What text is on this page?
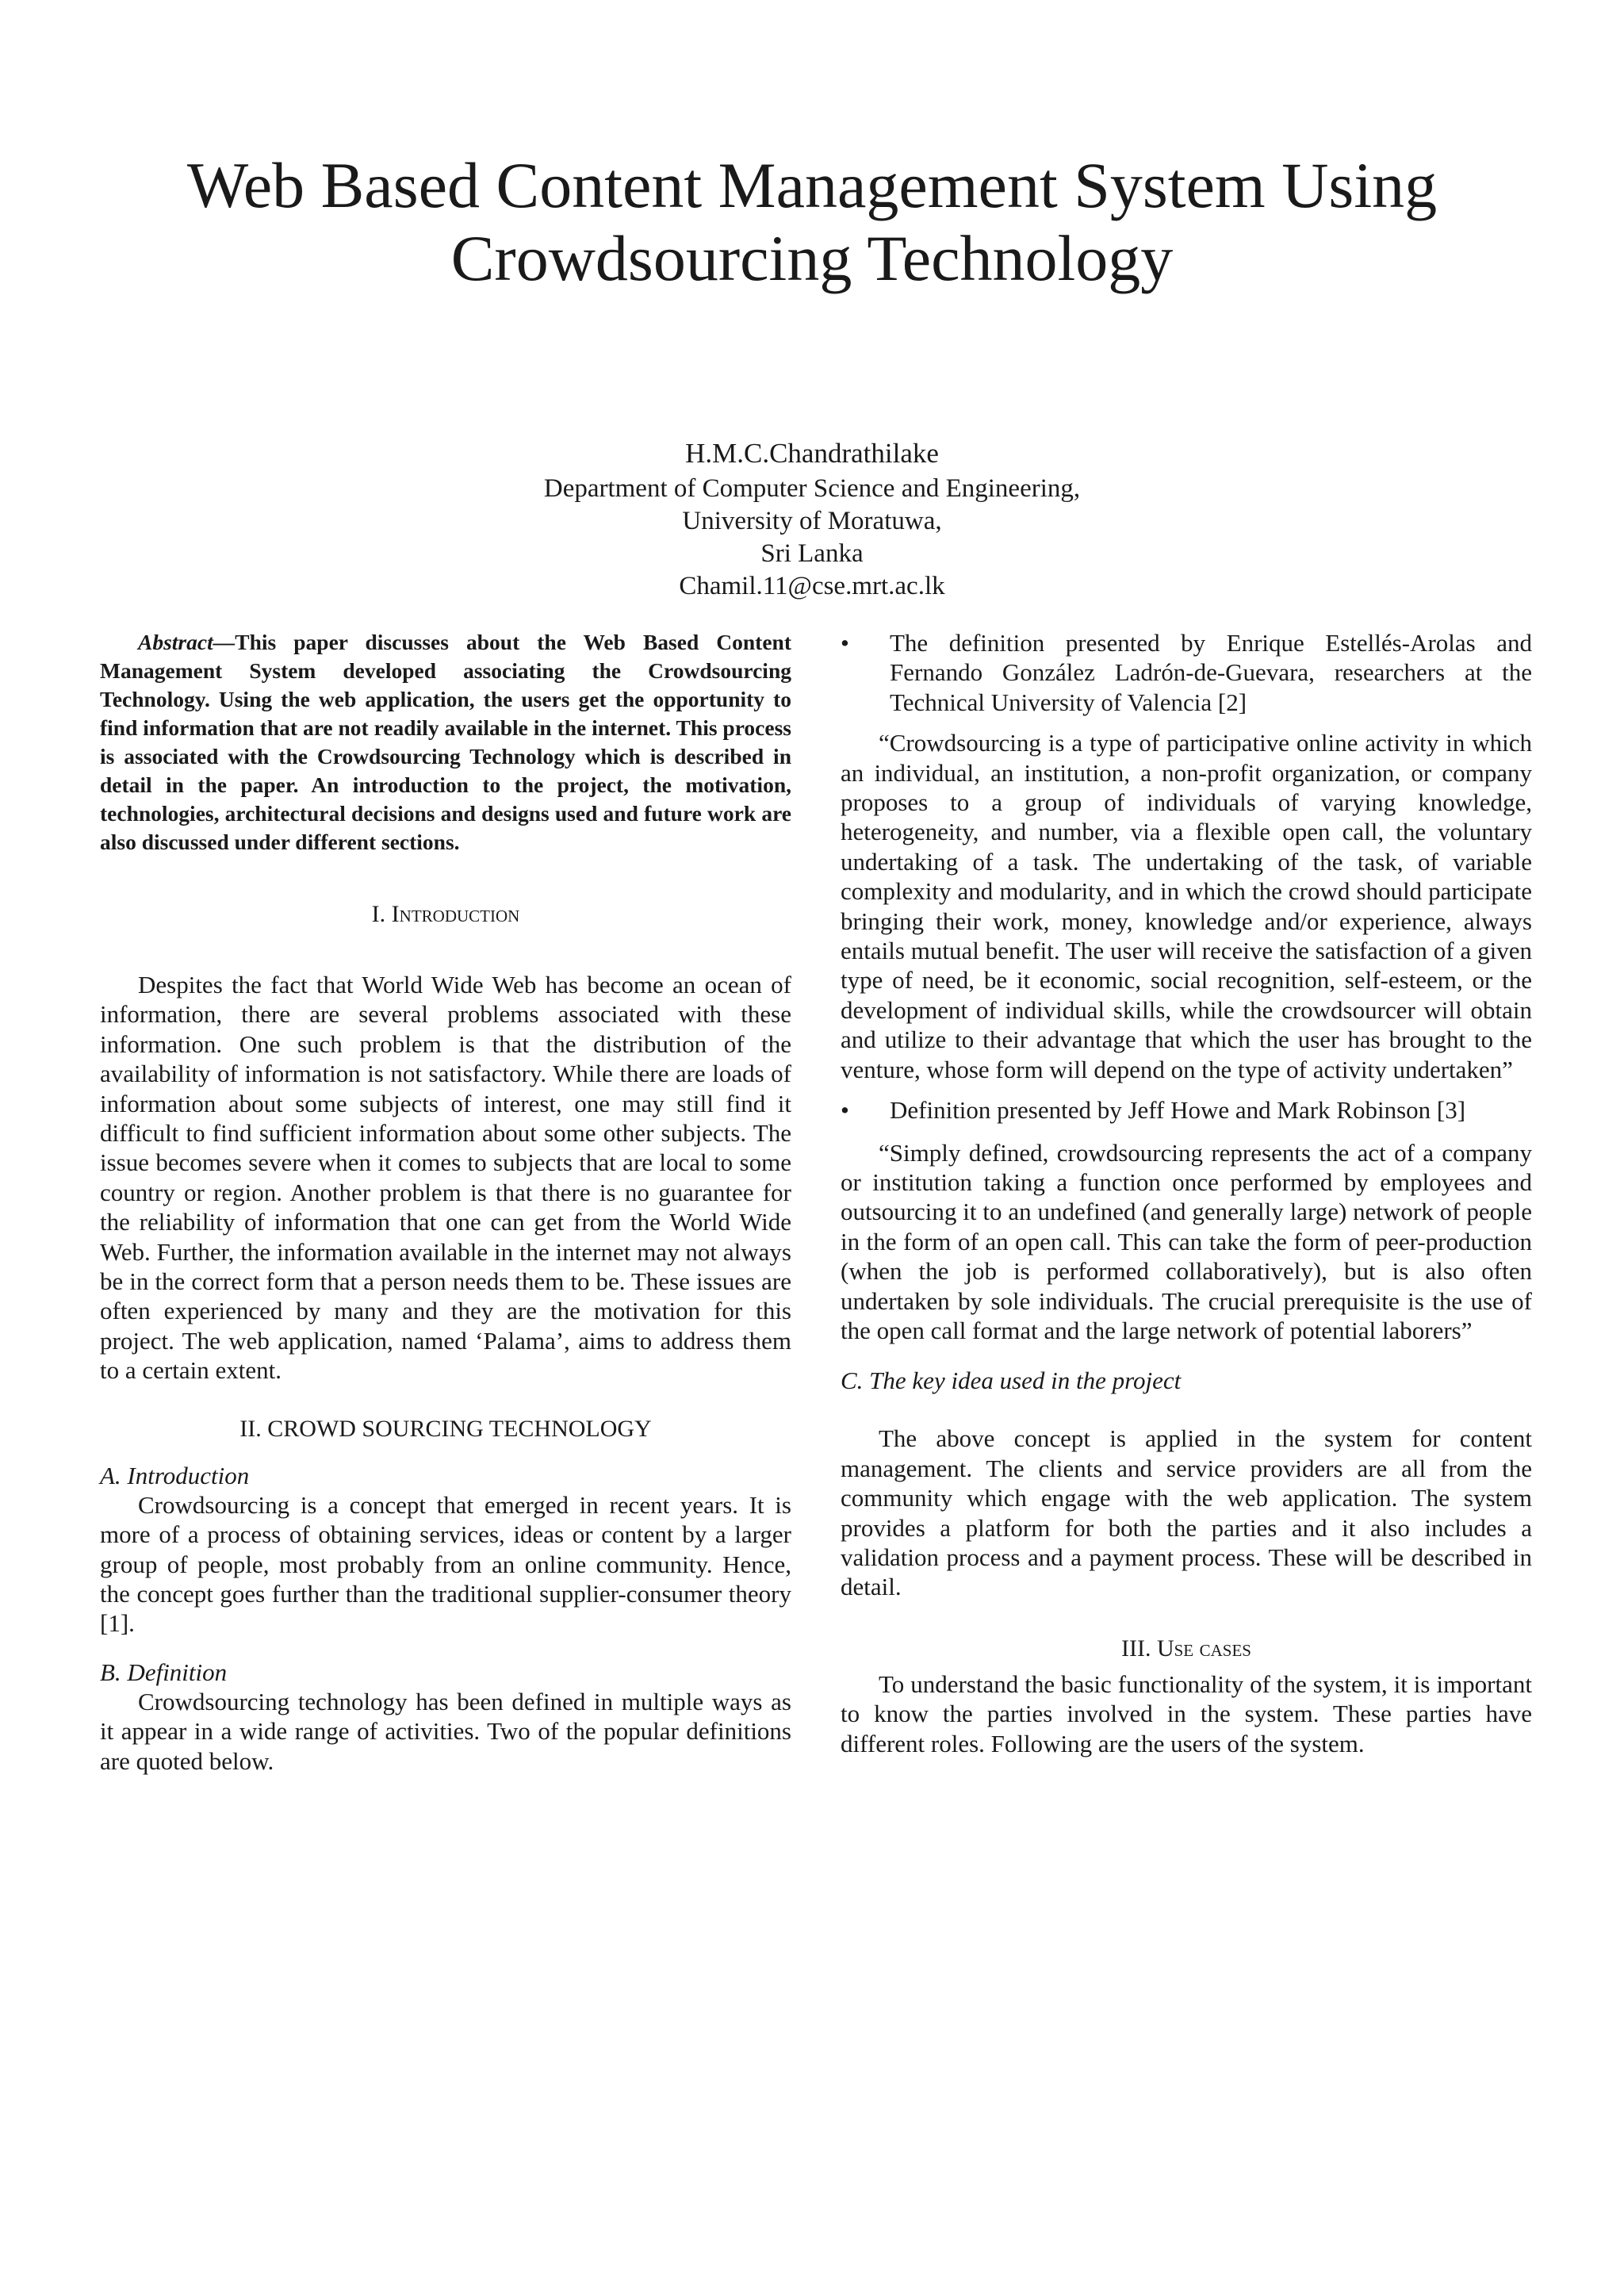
Web Based Content Management System Using
Crowdsourcing Technology
H.M.C.Chandrathilake
Department of Computer Science and Engineering,
University of Moratuwa,
Sri Lanka
Chamil.11@cse.mrt.ac.lk

Abstract—This paper discusses about the Web Based Content Management System developed associating the Crowdsourcing Technology. Using the web application, the users get the opportunity to find information that are not readily available in the internet. This process is associated with the Crowdsourcing Technology which is described in detail in the paper. An introduction to the project, the motivation, technologies, architectural decisions and designs used and future work are also discussed under different sections.

I. Introduction

Despites the fact that World Wide Web has become an ocean of information, there are several problems associated with these information. One such problem is that the distribution of the availability of information is not satisfactory. While there are loads of information about some subjects of interest, one may still find it difficult to find sufficient information about some other subjects. The issue becomes severe when it comes to subjects that are local to some country or region. Another problem is that there is no guarantee for the reliability of information that one can get from the World Wide Web. Further, the information available in the internet may not always be in the correct form that a person needs them to be. These issues are often experienced by many and they are the motivation for this project. The web application, named ‘Palama’, aims to address them to a certain extent.

II. CROWD SOURCING TECHNOLOGY

A. Introduction

Crowdsourcing is a concept that emerged in recent years. It is more of a process of obtaining services, ideas or content by a larger group of people, most probably from an online community. Hence, the concept goes further than the traditional supplier-consumer theory [1].

B. Definition

Crowdsourcing technology has been defined in multiple ways as it appear in a wide range of activities. Two of the popular definitions are quoted below.

• The definition presented by Enrique Estellés-Arolas and Fernando González Ladrón-de-Guevara, researchers at the Technical University of Valencia [2]

“Crowdsourcing is a type of participative online activity in which an individual, an institution, a non-profit organization, or company proposes to a group of individuals of varying knowledge, heterogeneity, and number, via a flexible open call, the voluntary undertaking of a task. The undertaking of the task, of variable complexity and modularity, and in which the crowd should participate bringing their work, money, knowledge and/or experience, always entails mutual benefit. The user will receive the satisfaction of a given type of need, be it economic, social recognition, self-esteem, or the development of individual skills, while the crowdsourcer will obtain and utilize to their advantage that which the user has brought to the venture, whose form will depend on the type of activity undertaken”

• Definition presented by Jeff Howe and Mark Robinson [3]

“Simply defined, crowdsourcing represents the act of a company or institution taking a function once performed by employees and outsourcing it to an undefined (and generally large) network of people in the form of an open call. This can take the form of peer-production (when the job is performed collaboratively), but is also often undertaken by sole individuals. The crucial prerequisite is the use of the open call format and the large network of potential laborers”

C. The key idea used in the project

The above concept is applied in the system for content management. The clients and service providers are all from the community which engage with the web application. The system provides a platform for both the parties and it also includes a validation process and a payment process. These will be described in detail.

III. Use cases

To understand the basic functionality of the system, it is important to know the parties involved in the system. These parties have different roles. Following are the users of the system.
